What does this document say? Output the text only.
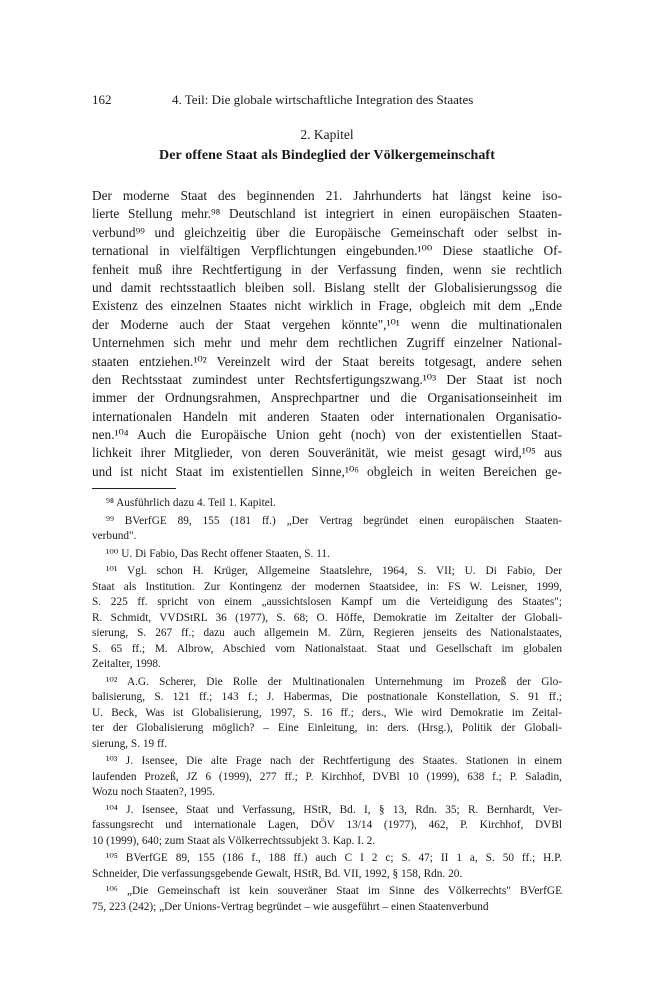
162	4. Teil: Die globale wirtschaftliche Integration des Staates
2. Kapitel
Der offene Staat als Bindeglied der Völkergemeinschaft
Der moderne Staat des beginnenden 21. Jahrhunderts hat längst keine iso-
lierte Stellung mehr.⁹⁸ Deutschland ist integriert in einen europäischen Staaten-
verbund⁹⁹ und gleichzeitig über die Europäische Gemeinschaft oder selbst in-
ternational in vielfältigen Verpflichtungen eingebunden.¹⁰⁰ Diese staatliche Of-
fenheit muß ihre Rechtfertigung in der Verfassung finden, wenn sie rechtlich
und damit rechtsstaatlich bleiben soll. Bislang stellt der Globalisierungssog die
Existenz des einzelnen Staates nicht wirklich in Frage, obgleich mit dem „Ende
der Moderne auch der Staat vergehen könnte",¹⁰¹ wenn die multinationalen
Unternehmen sich mehr und mehr dem rechtlichen Zugriff einzelner National-
staaten entziehen.¹⁰² Vereinzelt wird der Staat bereits totgesagt, andere sehen
den Rechtsstaat zumindest unter Rechtsfertigungszwang.¹⁰³ Der Staat ist noch
immer der Ordnungsrahmen, Ansprechpartner und die Organisationseinheit im
internationalen Handeln mit anderen Staaten oder internationalen Organisatio-
nen.¹⁰⁴ Auch die Europäische Union geht (noch) von der existentiellen Staat-
lichkeit ihrer Mitglieder, von deren Souveränität, wie meist gesagt wird,¹⁰⁵ aus
und ist nicht Staat im existentiellen Sinne,¹⁰⁶ obgleich in weiten Bereichen ge-
⁹⁸ Ausführlich dazu 4. Teil 1. Kapitel.
⁹⁹ BVerfGE 89, 155 (181 ff.) „Der Vertrag begründet einen europäischen Staaten-
verbund".
¹⁰⁰ U. Di Fabio, Das Recht offener Staaten, S. 11.
¹⁰¹ Vgl. schon H. Krüger, Allgemeine Staatslehre, 1964, S. VII; U. Di Fabio, Der
Staat als Institution. Zur Kontingenz der modernen Staatsidee, in: FS W. Leisner, 1999,
S. 225 ff. spricht von einem „aussichtslosen Kampf um die Verteidigung des Staates";
R. Schmidt, VVDStRL 36 (1977), S. 68; O. Höffe, Demokratie im Zeitalter der Globali-
sierung, S. 267 ff.; dazu auch allgemein M. Zürn, Regieren jenseits des Nationalstaates,
S. 65 ff.; M. Albrow, Abschied vom Nationalstaat. Staat und Gesellschaft im globalen
Zeitalter, 1998.
¹⁰² A.G. Scherer, Die Rolle der Multinationalen Unternehmung im Prozeß der Glo-
balisierung, S. 121 ff.; 143 f.; J. Habermas, Die postnationale Konstellation, S. 91 ff.;
U. Beck, Was ist Globalisierung, 1997, S. 16 ff.; ders., Wie wird Demokratie im Zeital-
ter der Globalisierung möglich? – Eine Einleitung, in: ders. (Hrsg.), Politik der Globali-
sierung, S. 19 ff.
¹⁰³ J. Isensee, Die alte Frage nach der Rechtfertigung des Staates. Stationen in einem
laufenden Prozeß, JZ 6 (1999), 277 ff.; P. Kirchhof, DVBl 10 (1999), 638 f.; P. Saladin,
Wozu noch Staaten?, 1995.
¹⁰⁴ J. Isensee, Staat und Verfassung, HStR, Bd. I, § 13, Rdn. 35; R. Bernhardt, Ver-
fassungsrecht und internationale Lagen, DÖV 13/14 (1977), 462, P. Kirchhof, DVBl
10 (1999), 640; zum Staat als Völkerrechtssubjekt 3. Kap. I. 2.
¹⁰⁵ BVerfGE 89, 155 (186 f., 188 ff.) auch C I 2 c; S. 47; II 1 a, S. 50 ff.; H.P.
Schneider, Die verfassungsgebende Gewalt, HStR, Bd. VII, 1992, § 158, Rdn. 20.
¹⁰⁶ „Die Gemeinschaft ist kein souveräner Staat im Sinne des Völkerrechts" BVerfGE
75, 223 (242); „Der Unions-Vertrag begründet – wie ausgeführt – einen Staatenverbund
